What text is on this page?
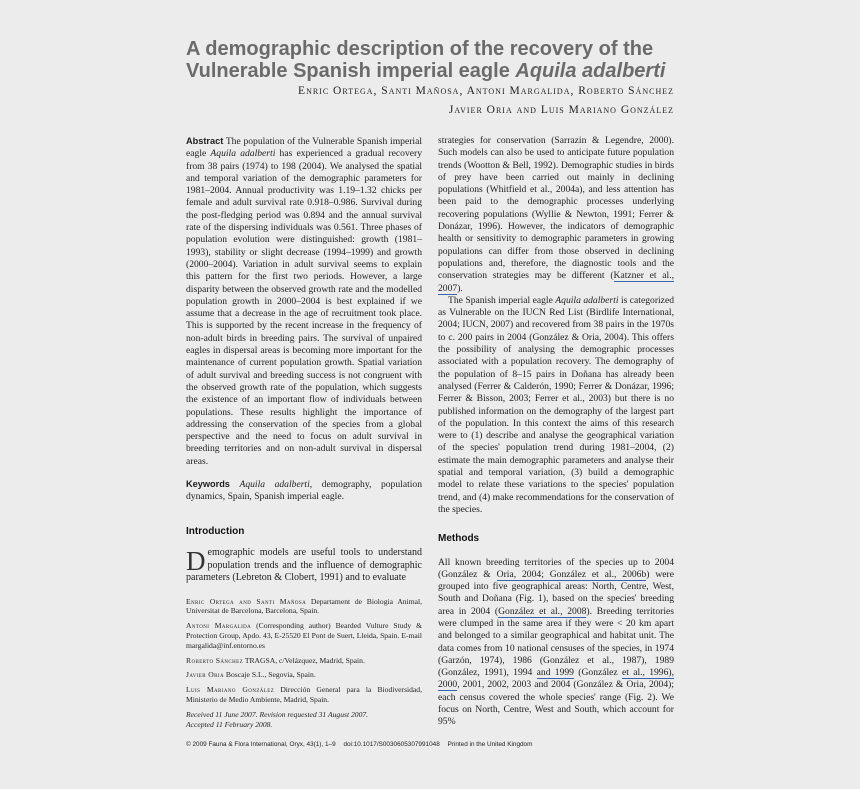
A demographic description of the recovery of the Vulnerable Spanish imperial eagle Aquila adalberti
Enric Ortega, Santi Mañosa, Antoni Margalida, Roberto Sánchez
Javier Oria and Luis Mariano González

Abstract The population of the Vulnerable Spanish imperial eagle Aquila adalberti has experienced a gradual recovery from 38 pairs (1974) to 198 (2004). We analysed the spatial and temporal variation of the demographic parameters for 1981–2004. Annual productivity was 1.19–1.32 chicks per female and adult survival rate 0.918–0.986. Survival during the post-fledging period was 0.894 and the annual survival rate of the dispersing individuals was 0.561. Three phases of population evolution were distinguished: growth (1981–1993), stability or slight decrease (1994–1999) and growth (2000–2004). Variation in adult survival seems to explain this pattern for the first two periods. However, a large disparity between the observed growth rate and the modelled population growth in 2000–2004 is best explained if we assume that a decrease in the age of recruitment took place. This is supported by the recent increase in the frequency of non-adult birds in breeding pairs. The survival of unpaired eagles in dispersal areas is becoming more important for the maintenance of current population growth. Spatial variation of adult survival and breeding success is not congruent with the observed growth rate of the population, which suggests the existence of an important flow of individuals between populations. These results highlight the importance of addressing the conservation of the species from a global perspective and the need to focus on adult survival in breeding territories and on non-adult survival in dispersal areas.

Keywords Aquila adalberti, demography, population dynamics, Spain, Spanish imperial eagle.

Introduction

Demographic models are useful tools to understand population trends and the influence of demographic parameters (Lebreton & Clobert, 1991) and to evaluate

Enric Ortega and Santi Mañosa Departament de Biologia Animal, Universitat de Barcelona, Barcelona, Spain.

Antoni Margalida (Corresponding author) Bearded Vulture Study & Protection Group, Apdo. 43, E-25520 El Pont de Suert, Lleida, Spain. E-mail margalida@inf.entorno.es

Roberto Sánchez TRAGSA, c/Velázquez, Madrid, Spain.

Javier Oria Boscaje S.L., Segovia, Spain.

Luis Mariano González Dirección General para la Biodiversidad, Ministerio de Medio Ambiente, Madrid, Spain.

Received 11 June 2007. Revision requested 31 August 2007.
Accepted 11 February 2008.

strategies for conservation (Sarrazin & Legendre, 2000). Such models can also be used to anticipate future population trends (Wootton & Bell, 1992). Demographic studies in birds of prey have been carried out mainly in declining populations (Whitfield et al., 2004a), and less attention has been paid to the demographic processes underlying recovering populations (Wyllie & Newton, 1991; Ferrer & Donázar, 1996). However, the indicators of demographic health or sensitivity to demographic parameters in growing populations can differ from those observed in declining populations and, therefore, the diagnostic tools and the conservation strategies may be different (Katzner et al., 2007).

The Spanish imperial eagle Aquila adalberti is categorized as Vulnerable on the IUCN Red List (Birdlife International, 2004; IUCN, 2007) and recovered from 38 pairs in the 1970s to c. 200 pairs in 2004 (González & Oria, 2004). This offers the possibility of analysing the demographic processes associated with a population recovery. The demography of the population of 8–15 pairs in Doñana has already been analysed (Ferrer & Calderón, 1990; Ferrer & Donázar, 1996; Ferrer & Bisson, 2003; Ferrer et al., 2003) but there is no published information on the demography of the largest part of the population. In this context the aims of this research were to (1) describe and analyse the geographical variation of the species' population trend during 1981–2004, (2) estimate the main demographic parameters and analyse their spatial and temporal variation, (3) build a demographic model to relate these variations to the species' population trend, and (4) make recommendations for the conservation of the species.

Methods

All known breeding territories of the species up to 2004 (González & Oria, 2004; González et al., 2006b) were grouped into five geographical areas: North, Centre, West, South and Doñana (Fig. 1), based on the species' breeding area in 2004 (González et al., 2008). Breeding territories were clumped in the same area if they were < 20 km apart and belonged to a similar geographical and habitat unit. The data comes from 10 national censuses of the species, in 1974 (Garzón, 1974), 1986 (González et al., 1987), 1989 (González, 1991), 1994 and 1999 (González et al., 1996), 2000, 2001, 2002, 2003 and 2004 (González & Oria, 2004); each census covered the whole species' range (Fig. 2). We focus on North, Centre, West and South, which account for 95%

© 2009 Fauna & Flora International, Oryx, 43(1), 1–9 doi:10.1017/S0030605307991048 Printed in the United Kingdom
